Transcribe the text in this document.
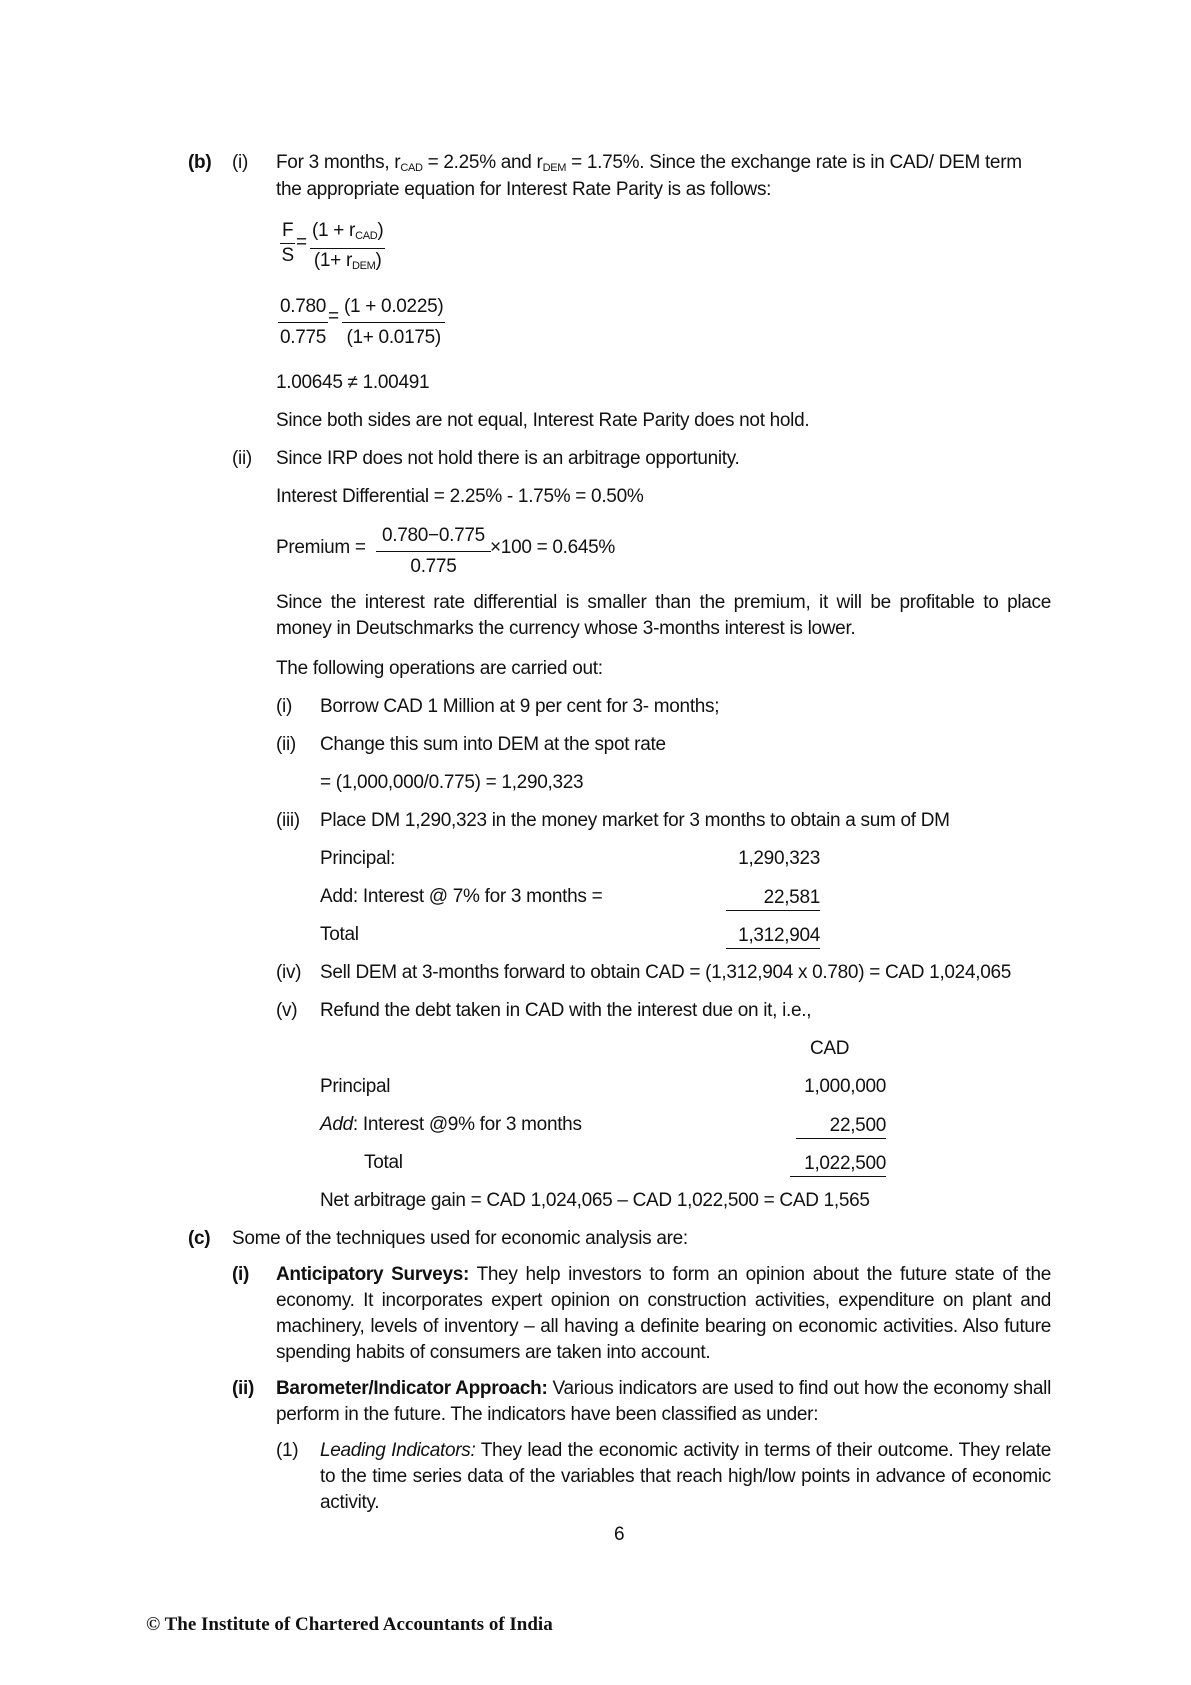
(b) (i) For 3 months, $r_{CAD} = 2.25\%$ and $r_{DEM} = 1.75\%$. Since the exchange rate is in CAD/ DEM term
the appropriate equation for Interest Rate Parity is as follows:
F
S
=
$(1 + r_{CAD})$
$(1+ r_{DEM})$
0.780
0.775
= (1 + 0.0225)
(1+ 0.0175)
1.00645 ≠ 1.00491
Since both sides are not equal, Interest Rate Parity does not hold.
(ii) Since IRP does not hold there is an arbitrage opportunity.
Interest Differential = 2.25% - 1.75% = 0.50%
Premium =
0.780−0.775
0.775
×100 = 0.645%
Since the interest rate differential is smaller than the premium, it will be profitable to place money in Deutschmarks the currency whose 3-months interest is lower.
The following operations are carried out:
(i) Borrow CAD 1 Million at 9 per cent for 3- months;
(ii) Change this sum into DEM at the spot rate
= (1,000,000/0.775) = 1,290,323
(iii) Place DM 1,290,323 in the money market for 3 months to obtain a sum of DM
Principal:	1,290,323
Add: Interest @ 7% for 3 months =	22,581
Total	1,312,904
(iv) Sell DEM at 3-months forward to obtain CAD = (1,312,904 x 0.780) = CAD 1,024,065
(v) Refund the debt taken in CAD with the interest due on it, i.e.,
CAD
Principal	1,000,000
Add: Interest @9% for 3 months	22,500
Total	1,022,500
Net arbitrage gain = CAD 1,024,065 – CAD 1,022,500 = CAD 1,565
(c) Some of the techniques used for economic analysis are:
(i) Anticipatory Surveys: They help investors to form an opinion about the future state of the economy. It incorporates expert opinion on construction activities, expenditure on plant and machinery, levels of inventory – all having a definite bearing on economic activities. Also future spending habits of consumers are taken into account.
(ii) Barometer/Indicator Approach: Various indicators are used to find out how the economy shall perform in the future. The indicators have been classified as under:
(1) Leading Indicators: They lead the economic activity in terms of their outcome. They relate to the time series data of the variables that reach high/low points in advance of economic activity.
6
© The Institute of Chartered Accountants of India
